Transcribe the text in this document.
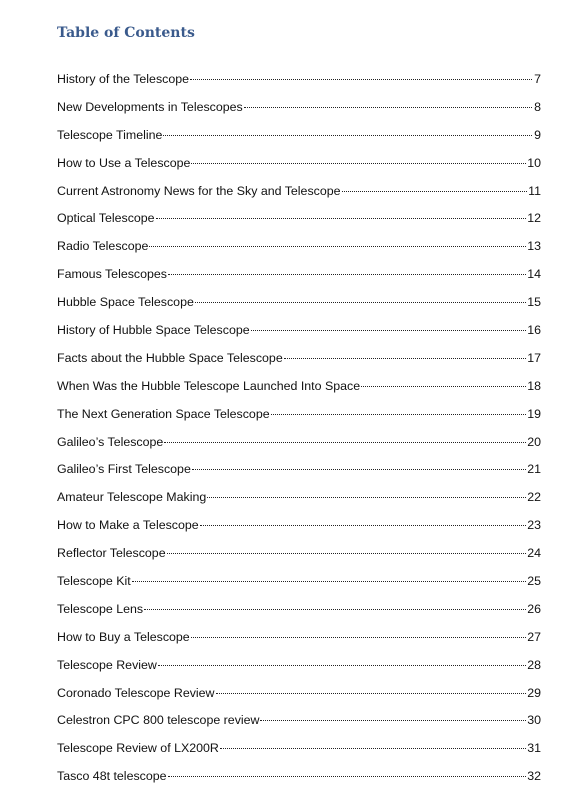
Table of Contents
History of the Telescope	7
New Developments in Telescopes	8
Telescope Timeline	9
How to Use a Telescope	10
Current Astronomy News for the Sky and Telescope	11
Optical Telescope	12
Radio Telescope	13
Famous Telescopes	14
Hubble Space Telescope	15
History of Hubble Space Telescope	16
Facts about the Hubble Space Telescope	17
When Was the Hubble Telescope Launched Into Space	18
The Next Generation Space Telescope	19
Galileo’s Telescope	20
Galileo’s First Telescope	21
Amateur Telescope Making	22
How to Make a Telescope	23
Reflector Telescope	24
Telescope Kit	25
Telescope Lens	26
How to Buy a Telescope	27
Telescope Review	28
Coronado Telescope Review	29
Celestron CPC 800 telescope review	30
Telescope Review of LX200R	31
Tasco 48t telescope	32
